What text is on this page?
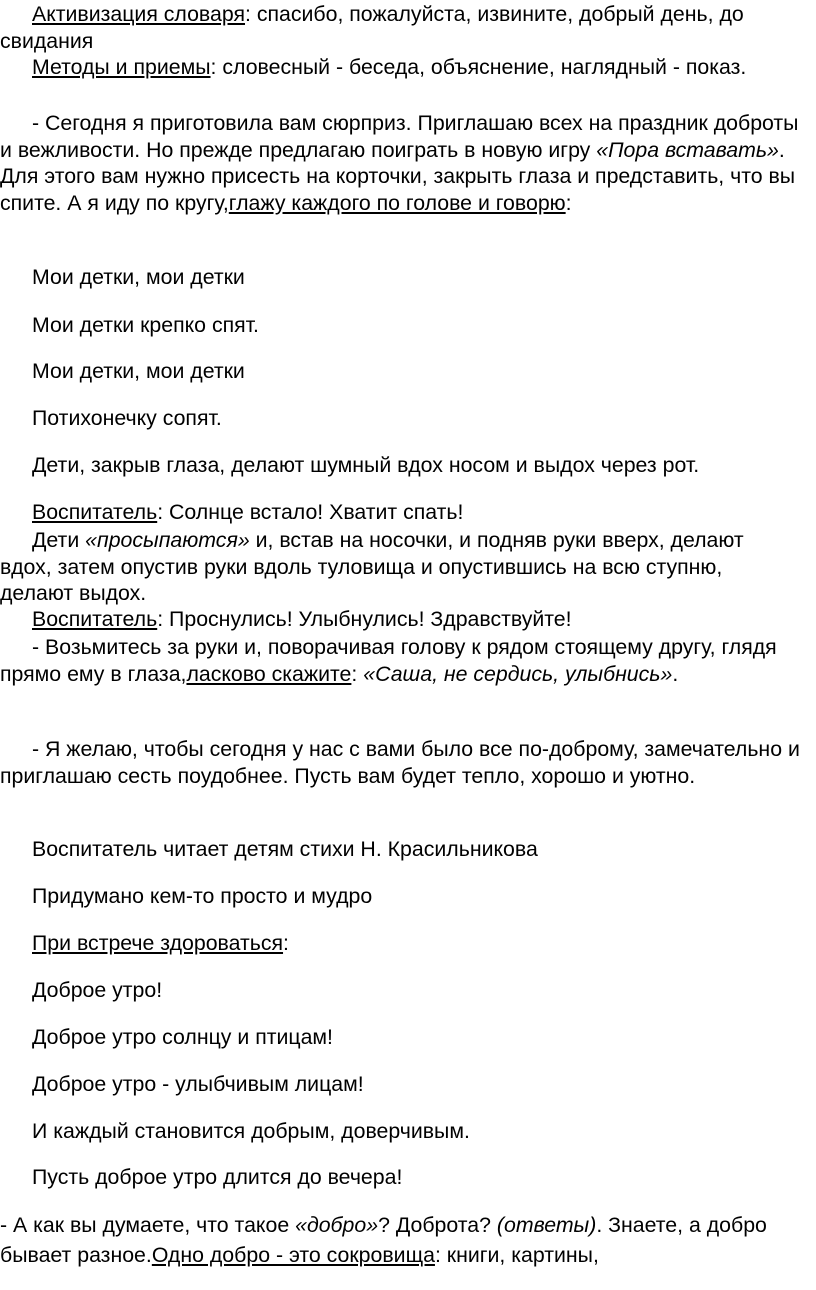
Активизация словаря: спасибо, пожалуйста, извините, добрый день, до свидания

Методы и приемы: словесный - беседа, объяснение, наглядный - показ.

- Сегодня я приготовила вам сюрприз. Приглашаю всех на праздник доброты и вежливости. Но прежде предлагаю поиграть в новую игру «Пора вставать». Для этого вам нужно присесть на корточки, закрыть глаза и представить, что вы спите. А я иду по кругу,глажу каждого по голове и говорю:

Мои детки, мои детки

Мои детки крепко спят.

Мои детки, мои детки

Потихонечку сопят.

Дети, закрыв глаза, делают шумный вдох носом и выдох через рот.

Воспитатель: Солнце встало! Хватит спать!

Дети «просыпаются» и, встав на носочки, и подняв руки вверх, делают вдох, затем опустив руки вдоль туловища и опустившись на всю ступню, делают выдох.

Воспитатель: Проснулись! Улыбнулись! Здравствуйте!

- Возьмитесь за руки и, поворачивая голову к рядом стоящему другу, глядя прямо ему в глаза,ласково скажите: «Саша, не сердись, улыбнись».

- Я желаю, чтобы сегодня у нас с вами было все по-доброму, замечательно и приглашаю сесть поудобнее. Пусть вам будет тепло, хорошо и уютно.

Воспитатель читает детям стихи Н. Красильникова

Придумано кем-то просто и мудро

При встрече здороваться:

Доброе утро!

Доброе утро солнцу и птицам!

Доброе утро - улыбчивым лицам!

И каждый становится добрым, доверчивым.

Пусть доброе утро длится до вечера!

- А как вы думаете, что такое «добро»? Доброта? (ответы). Знаете, а добро бывает разное.Одно добро - это сокровища: книги, картины,
